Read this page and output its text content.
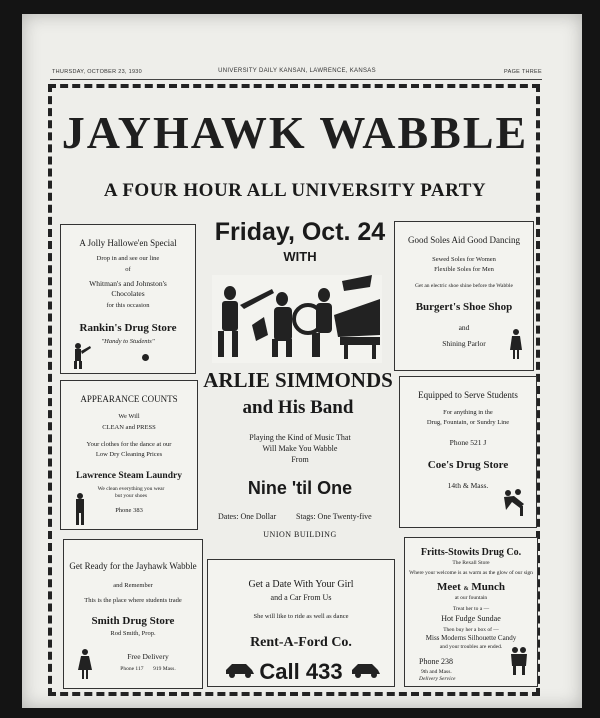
THURSDAY, OCTOBER 23, 1930	UNIVERSITY DAILY KANSAN, LAWRENCE, KANSAS	PAGE THREE
JAYHAWK WABBLE
A FOUR HOUR ALL UNIVERSITY PARTY
Friday, Oct. 24
WITH
ARLIE SIMMONDS
and His Band
Playing the Kind of Music That
Will Make You Wabble
From
Nine 'til One
Dates: One Dollar Stags: One Twenty-five
UNION BUILDING
A Jolly Hallowe'en Special
Drop in and see our line
of
Whitman's and Johnston's
Chocolates
for this occasion
Rankin's Drug Store
"Handy to Students"
Good Soles Aid Good Dancing
Sewed Soles for Women
Flexible Soles for Men
Get an electric shoe shine before the Wabble
Burgert's Shoe Shop
and
Shining Parlor
APPEARANCE COUNTS
We Will
CLEAN and PRESS
Your clothes for the dance at our
Low Dry Cleaning Prices
Lawrence Steam Laundry
We clean everything you wear but your shoes
Phone 383
Equipped to Serve Students
For anything in the
Drug, Fountain, or Sundry Line
Phone 521 J
Coe's Drug Store
14th & Mass.
Get Ready for the Jayhawk Wabble
and Remember
This is the place where students trade
Smith Drug Store
Rod Smith, Prop.
Free Delivery
Phone 117 919 Mass.
Get a Date With Your Girl
and a Car From Us
She will like to ride as well as dance
Rent-A-Ford Co.
Call 433
Fritts-Stowits Drug Co.
The Rexall Store
Where your welcome is as warm as the glow of our sign
Meet & Munch
at our fountain
Treat her to a —
Hot Fudge Sundae
Then buy her a box of —
Miss Moderns Silhouette Candy
and your troubles are ended.
Phone 238
9th and Mass.
Delivery Service
